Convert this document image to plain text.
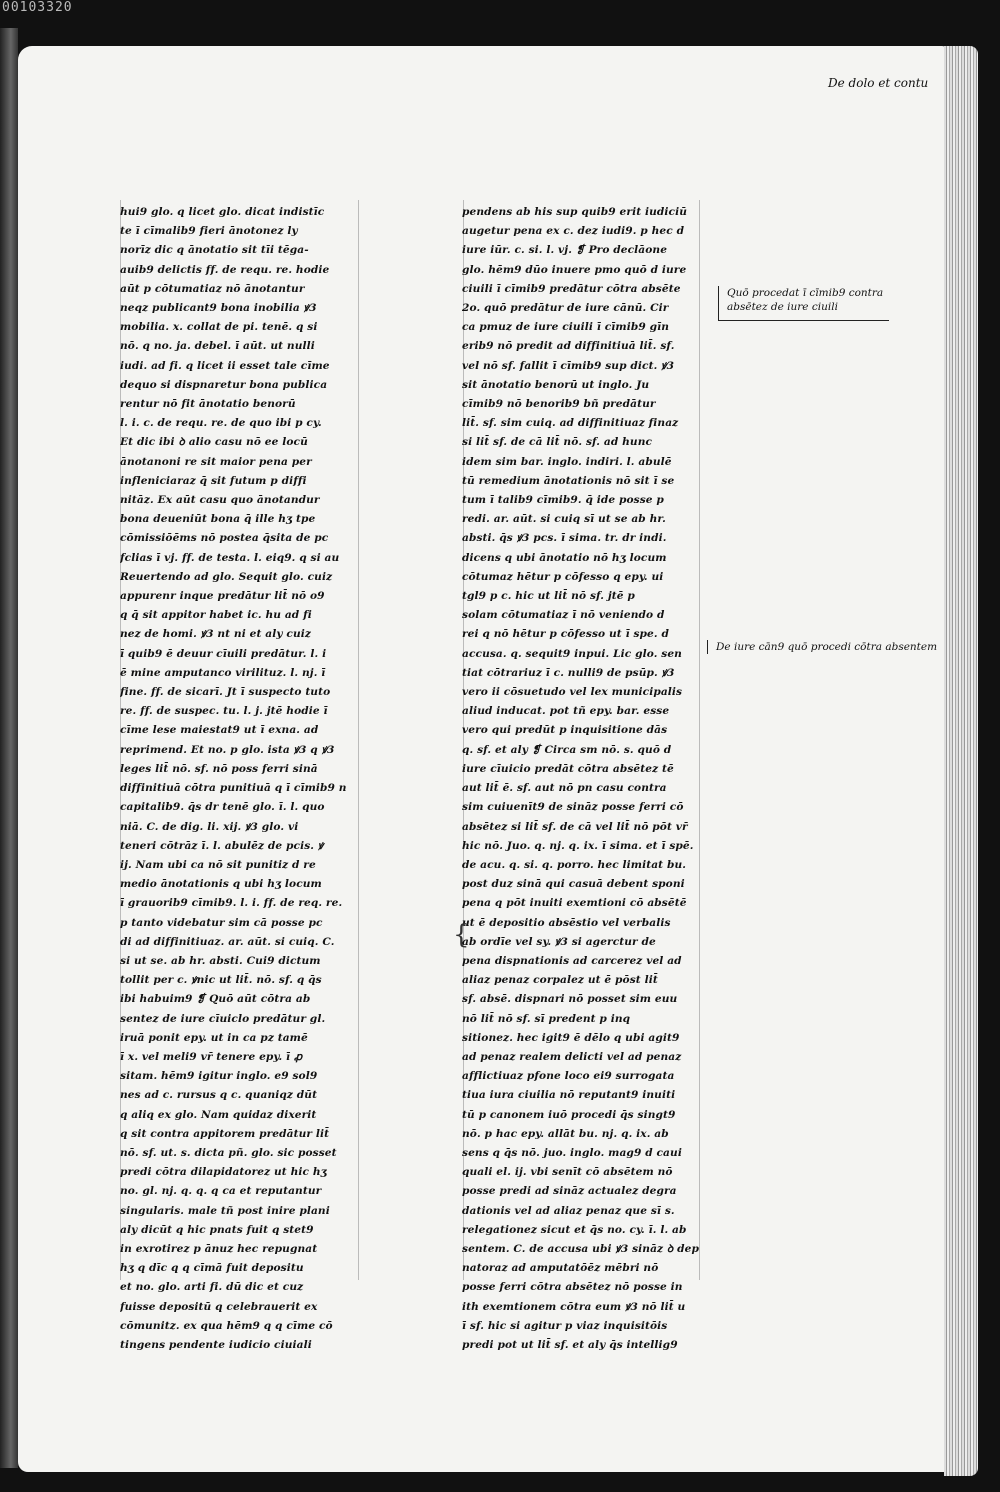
00103320
De dolo et contu
hui9 glo. q licet glo. dicat indistīc
te ī cīmalib9 fieri ānotonez ly
norīz dic q ānotatio sit tīi tēga-
auib9 delictis ff. de requ. re. hodie
aūt p cōtumatiaz nō ānotantur
neqz publicant9 bona inobilia ꝟ3
mobilia. x. collat de pi. tenē. q si
nō. q no. ja. debel. ī aūt. ut nulli
iudi. ad fi. q licet ii esset tale cīme
dequo si dispnaretur bona publica
rentur nō fit ānotatio benorū
l. i. c. de requ. re. de quo ibi p cy.
Et dic ibi ꝺ alio casu nō ee locū
ānotanoni re sit maior pena per
infleniciaraz q̄ sit futum p diffi
nitāz. Ex aūt casu quo ānotandur
bona deueniūt bona q̄ ille hʒ tpe
cōmissiōēms nō postea q̄sita de pc
fclias ī vj. ff. de testa. l. eiq9. q si au
Reuertendo ad glo. Sequit glo. cuiz
appurenr inque predātur lit̄ nō o9
q q̄ sit appitor habet ic. hu ad fi
nez de homi. ꝟ3 nt ni et aly cuiz
ī quib9 ē deuur cīuili predātur. l. i
ē mine amputanco virilituz. l. nj. ī
fine. ff. de sicarī. Jt ī suspecto tuto
re. ff. de suspec. tu. l. j. jtē hodie ī
cīme lese maiestat9 ut ī exna. ad
reprimend. Et no. p glo. ista ꝟ3 q ꝟ3
leges lit̄ nō. sf. nō poss ferri sinā
diffinitiuā cōtra punitiuā q ī cīmib9 n
capitalib9. q̄s dr tenē glo. ī. l. quo
niā. C. de dig. li. xij. ꝟ3 glo. vi
teneri cōtrāz ī. l. abulēz de pcis. ꝟ
ij. Nam ubi ca nō sit punitiz d re
medio ānotationis q ubi hʒ locum
ī grauorib9 cīmib9. l. i. ff. de req. re.
p tanto videbatur sim cā posse pc
di ad diffinitiuaz. ar. aūt. si cuiq. C.
si ut se. ab hr. absti. Cui9 dictum
tollit per c. ꝟnic ut lit̄. nō. sf. q q̄s
ibi habuim9 ❡ Quō aūt cōtra ab
sentez de iure cīuiclo predātur gl.
iruā ponit epy. ut in ca pz tamē
ī x. vel meli9 vr̄ tenere epy. ī ꝓ
sitam. hēm9 igitur inglo. e9 sol9
nes ad c. rursus q c. quaniqz dūt
q aliq ex glo. Nam quidaz dixerit
q sit contra appitorem predātur lit̄
nō. sf. ut. s. dicta pñ. glo. sic posset
predi cōtra dilapidatorez ut hic hʒ
no. gl. nj. q. q. q ca et reputantur
singularis. male tñ post inire plani
aly dicūt q hic pnats fuit q stet9
in exrotirez p ānuz hec repugnat
hʒ q dīc q q cīmā fuit depositu
et no. glo. arti fi. dū dic et cuz
fuisse depositū q celebrauerit ex
cōmunitz. ex qua hēm9 q q cīme cō
tingens pendente iudicio ciuiali
pendens ab his sup quib9 erit iudiciū
augetur pena ex c. dez iudi9. p hec d
iure iūr. c. si. l. vj. ❡ Pro declāone
glo. hēm9 dūo inuere pmo quō d iure
ciuili ī cīmib9 predātur cōtra absēte
2o. quō predātur de iure cānū. Cir
ca pmuz de iure ciuili ī cīmib9 gīn
erib9 nō predit ad diffinitiuā lit̄. sf.
vel nō sf. fallit ī cīmib9 sup dict. ꝟ3
sit ānotatio benorū ut inglo. Ju
cīmib9 nō benorib9 bñ predātur
lit̄. sf. sim cuiq. ad diffinitiuaz finaz
si lit̄ sf. de cā lit̄ nō. sf. ad hunc
idem sim bar. inglo. indiri. l. abulē
tū remedium ānotationis nō sit ī se
tum ī talib9 cīmib9. q̄ ide posse p
redi. ar. aūt. si cuiq sī ut se ab hr.
absti. q̄s ꝟ3 pcs. ī sima. tr. dr indi.
dicens q ubi ānotatio nō hʒ locum
cōtumaz hētur p cōfesso q epy. ui
tgl9 p c. hic ut lit̄ nō sf. jtē p
solam cōtumatiaz ī nō veniendo d
rei q nō hētur p cōfesso ut ī spe. d
accusa. q. sequit9 inpui. Lic glo. sen
tiat cōtrariuz ī c. nulli9 de psūp. ꝟ3
vero ii cōsuetudo vel lex municipalis
aliud inducat. pot tñ epy. bar. esse
vero qui predūt p inquisitione dās
q. sf. et aly ❡ Circa sm nō. s. quō d
iure cīuicio predāt cōtra absētez tē
aut lit̄ ē. sf. aut nō pn casu contra
sim cuiuenīt9 de sināz posse ferri cō
absētez si lit̄ sf. de cā vel lit̄ nō pōt vr̄
hic nō. Juo. q. nj. q. ix. ī sima. et ī spē.
de acu. q. si. q. porro. hec limitat bu.
post duz sinā qui casuā debent sponi
pena q pōt inuiti exemtioni cō absētē
ut ē depositio absēstio vel verbalis
ab ordīe vel sy. ꝟ3 si agerctur de
pena dispnationis ad carcerez vel ad
aliaz penaz corpalez ut ē pōst lit̄
sf. absē. dispnari nō posset sim euu
nō lit̄ nō sf. sī predent p inq
sitionez. hec igit9 ē dēlo q ubi agit9
ad penaz realem delicti vel ad penaz
afflictiuaz pfone loco ei9 surrogata
tiua iura ciuilia nō reputant9 inuiti
tū p canonem iuō procedi q̄s singt9
nō. p hac epy. allāt bu. nj. q. ix. ab
sens q q̄s nō. juo. inglo. mag9 d caui
quali el. ij. vbi senīt cō absētem nō
posse predi ad sināz actualez degra
dationis vel ad aliaz penaz que sī s.
relegationez sicut et q̄s no. cy. ī. l. ab
sentem. C. de accusa ubi ꝟ3 sināz ꝺ dep
natoraz ad amputatōēz mēbri nō
posse ferri cōtra absētez nō posse in
ith exemtionem cōtra eum ꝟ3 nō lit̄ u
ī sf. hic si agitur p viaz inquisitōis
predi pot ut lit̄ sf. et aly q̄s intellig9
{
Quō procedat ī cīmib9 contra absētez de iure ciuili
De iure cān9 quō procedi cōtra absentem
